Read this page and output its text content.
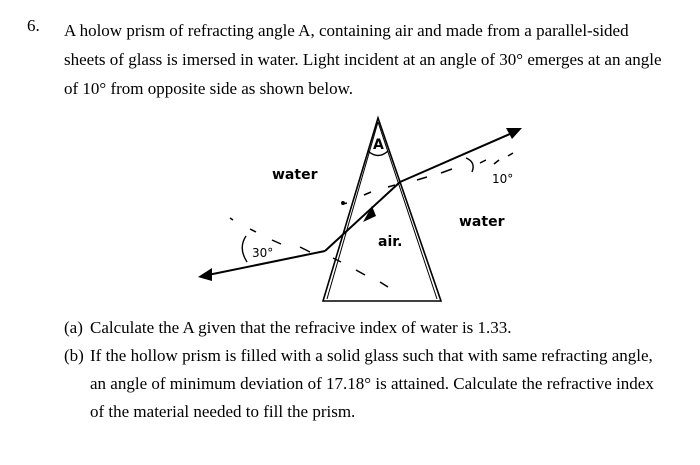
6. A holow prism of refracting angle A, containing air and made from a parallel-sided
sheets of glass is imersed in water. Light incident at an angle of 30° emerges at an angle
of 10° from opposite side as shown below.
A
water
water
air.
30°
10°
(a) Calculate the A given that the refracive index of water is 1.33.
(b) If the hollow prism is filled with a solid glass such that with same refracting angle,
an angle of minimum deviation of 17.18° is attained. Calculate the refractive index
of the material needed to fill the prism.
